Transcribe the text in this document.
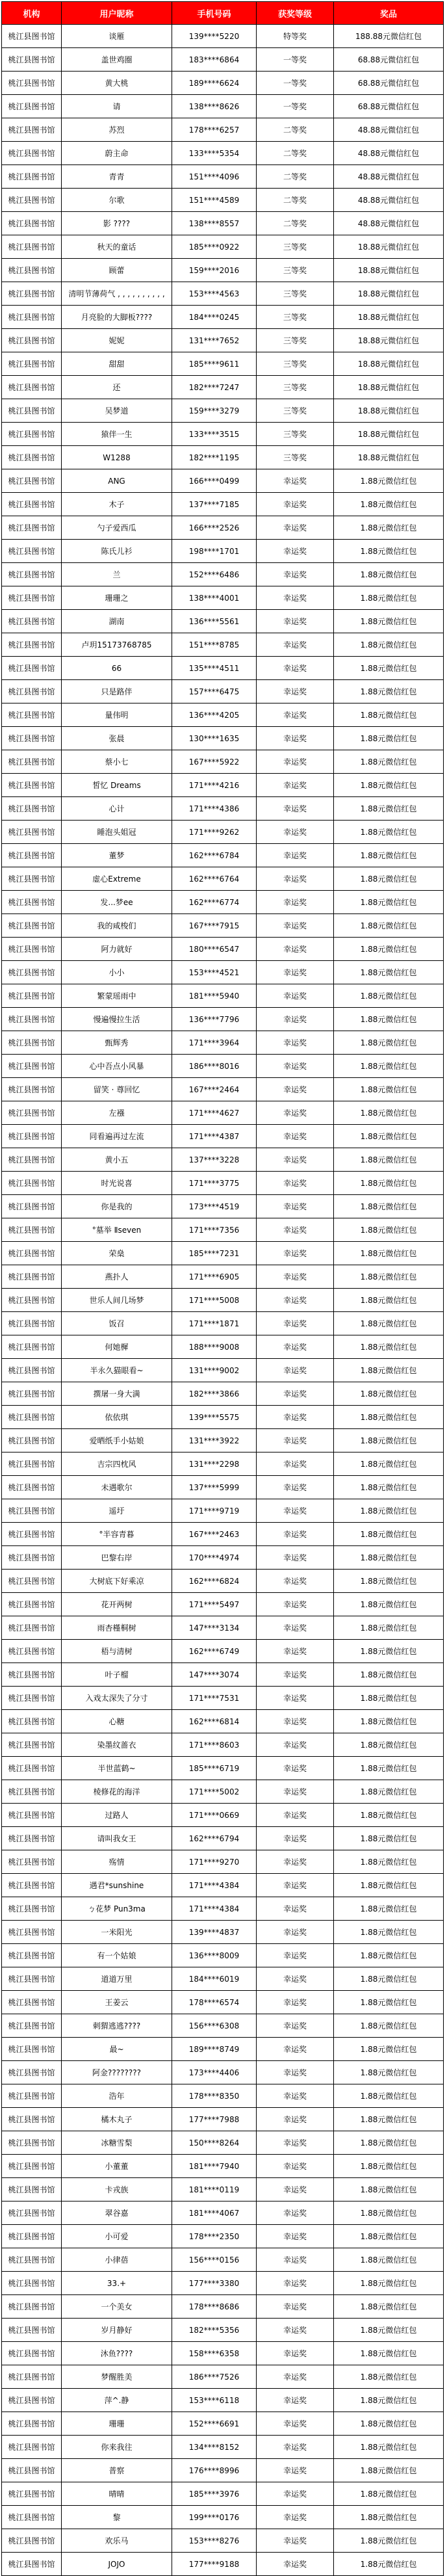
机构	用户昵称	手机号码	获奖等级	奖品
桃江县图书馆	谈雁	139****5220	特等奖	188.88元微信红包
桃江县图书馆	盖世鸡圈	183****6864	一等奖	68.88元微信红包
桃江县图书馆	黄大桃	189****6624	一等奖	68.88元微信红包
桃江县图书馆	请	138****8626	一等奖	68.88元微信红包
桃江县图书馆	苏烈	178****6257	二等奖	48.88元微信红包
桃江县图书馆	蔚主命	133****5354	二等奖	48.88元微信红包
桃江县图书馆	青青	151****4096	二等奖	48.88元微信红包
桃江县图书馆	尔歌	151****4589	二等奖	48.88元微信红包
桃江县图书馆	影 ????	138****8557	二等奖	48.88元微信红包
桃江县图书馆	秋天的童话	185****0922	三等奖	18.88元微信红包
桃江县图书馆	顾蕾	159****2016	三等奖	18.88元微信红包
桃江县图书馆	清明节薄荷气 , , , , , , , , , ,	153****4563	三等奖	18.88元微信红包
桃江县图书馆	月亮脸的大脚板????	184****0245	三等奖	18.88元微信红包
桃江县图书馆	妮妮	131****7652	三等奖	18.88元微信红包
桃江县图书馆	甜甜	185****9611	三等奖	18.88元微信红包
桃江县图书馆	还	182****7247	三等奖	18.88元微信红包
桃江县图书馆	吴梦道	159****3279	三等奖	18.88元微信红包
桃江县图书馆	猿伴一生	133****3515	三等奖	18.88元微信红包
桃江县图书馆	W1288	182****1195	三等奖	18.88元微信红包
桃江县图书馆	ANG	166****0499	幸运奖	1.88元微信红包
桃江县图书馆	木子	137****7185	幸运奖	1.88元微信红包
桃江县图书馆	勺子爱西瓜	166****2526	幸运奖	1.88元微信红包
桃江县图书馆	陈氏儿衫	198****1701	幸运奖	1.88元微信红包
桃江县图书馆	兰	152****6486	幸运奖	1.88元微信红包
桃江县图书馆	珊珊之	138****4001	幸运奖	1.88元微信红包
桃江县图书馆	湖南	136****5561	幸运奖	1.88元微信红包
桃江县图书馆	卢玥15173768785	151****8785	幸运奖	1.88元微信红包
桃江县图书馆	66	135****4511	幸运奖	1.88元微信红包
桃江县图书馆	只是路伴	157****6475	幸运奖	1.88元微信红包
桃江县图书馆	量伟明	136****4205	幸运奖	1.88元微信红包
桃江县图书馆	张晨	130****1635	幸运奖	1.88元微信红包
桃江县图书馆	蔡小七	167****5922	幸运奖	1.88元微信红包
桃江县图书馆	皙忆 Dreams	171****4216	幸运奖	1.88元微信红包
桃江县图书馆	心计	171****4386	幸运奖	1.88元微信红包
桃江县图书馆	睡泡头姐冠	171****9262	幸运奖	1.88元微信红包
桃江县图书馆	董梦	162****6784	幸运奖	1.88元微信红包
桃江县图书馆	虚心Extreme	162****6764	幸运奖	1.88元微信红包
桃江县图书馆	发...梦ee	162****6774	幸运奖	1.88元微信红包
桃江县图书馆	我的咸梭们	167****7915	幸运奖	1.88元微信红包
桃江县图书馆	阿力就好	180****6547	幸运奖	1.88元微信红包
桃江县图书馆	小小	153****4521	幸运奖	1.88元微信红包
桃江县图书馆	繁蒙瑶雨中	181****5940	幸运奖	1.88元微信红包
桃江县图书馆	慢遍慢拉生活	136****7796	幸运奖	1.88元微信红包
桃江县图书馆	甄辉秀	171****3964	幸运奖	1.88元微信红包
桃江县图书馆	心中吾点小风暴	186****8016	幸运奖	1.88元微信红包
桃江县图书馆	留笑 · 尊回忆	167****2464	幸运奖	1.88元微信红包
桃江县图书馆	左襁	171****4627	幸运奖	1.88元微信红包
桃江县图书馆	同看遍再过左流	171****4387	幸运奖	1.88元微信红包
桃江县图书馆	黄小五	137****3228	幸运奖	1.88元微信红包
桃江县图书馆	时光说喜	171****3775	幸运奖	1.88元微信红包
桃江县图书馆	你是我的	173****4519	幸运奖	1.88元微信红包
桃江县图书馆	°墓举 Ⅱseven	171****7356	幸运奖	1.88元微信红包
桃江县图书馆	荣燊	185****7231	幸运奖	1.88元微信红包
桃江县图书馆	燕扑人	171****6905	幸运奖	1.88元微信红包
桃江县图书馆	世乐人间几场梦	171****5008	幸运奖	1.88元微信红包
桃江县图书馆	饭召	171****1871	幸运奖	1.88元微信红包
桃江县图书馆	何她樨	188****9008	幸运奖	1.88元微信红包
桃江县图书馆	半永久猫眼看~	131****9002	幸运奖	1.88元微信红包
桃江县图书馆	撰屠一身大满	182****3866	幸运奖	1.88元微信红包
桃江县图书馆	依依琪	139****5575	幸运奖	1.88元微信红包
桃江县图书馆	爱晒纸手小姑娘	131****3922	幸运奖	1.88元微信红包
桃江县图书馆	吉宗四枕风	131****2298	幸运奖	1.88元微信红包
桃江县图书馆	未遇歌尔	137****5999	幸运奖	1.88元微信红包
桃江县图书馆	遥圩	171****9719	幸运奖	1.88元微信红包
桃江县图书馆	°半容青暮	167****2463	幸运奖	1.88元微信红包
桃江县图书馆	巴黎右岸	170****4974	幸运奖	1.88元微信红包
桃江县图书馆	大树底下好乘凉	162****6824	幸运奖	1.88元微信红包
桃江县图书馆	花开两树	171****5497	幸运奖	1.88元微信红包
桃江县图书馆	雨杏槿桐树	147****3134	幸运奖	1.88元微信红包
桃江县图书馆	梧与清树	162****6749	幸运奖	1.88元微信红包
桃江县图书馆	叶子榴	147****3074	幸运奖	1.88元微信红包
桃江县图书馆	入戏太深失了分寸	171****7531	幸运奖	1.88元微信红包
桃江县图书馆	心糖	162****6814	幸运奖	1.88元微信红包
桃江县图书馆	染墨纹蔷衣	171****8603	幸运奖	1.88元微信红包
桃江县图书馆	半世蓝鹤~	185****6719	幸运奖	1.88元微信红包
桃江县图书馆	棱修花的海洋	171****5002	幸运奖	1.88元微信红包
桃江县图书馆	过路人	171****0669	幸运奖	1.88元微信红包
桃江县图书馆	请叫我女王	162****6794	幸运奖	1.88元微信红包
桃江县图书馆	殇情	171****9270	幸运奖	1.88元微信红包
桃江县图书馆	遇君*sunshine	171****4384	幸运奖	1.88元微信红包
桃江县图书馆	ㄅ花梦 Pun3ma	171****4384	幸运奖	1.88元微信红包
桃江县图书馆	一米阳光	139****4837	幸运奖	1.88元微信红包
桃江县图书馆	有一个姑娘	136****8009	幸运奖	1.88元微信红包
桃江县图书馆	道道万里	184****6019	幸运奖	1.88元微信红包
桃江县图书馆	王姜云	178****6574	幸运奖	1.88元微信红包
桃江县图书馆	刺猬逃逃????	156****6308	幸运奖	1.88元微信红包
桃江县图书馆	最~	189****8749	幸运奖	1.88元微信红包
桃江县图书馆	阿金????????	173****4406	幸运奖	1.88元微信红包
桃江县图书馆	浩年	178****8350	幸运奖	1.88元微信红包
桃江县图书馆	橘木丸子	177****7988	幸运奖	1.88元微信红包
桃江县图书馆	冰糖雪梨	150****8264	幸运奖	1.88元微信红包
桃江县图书馆	小董董	181****7940	幸运奖	1.88元微信红包
桃江县图书馆	卡戎族	181****0119	幸运奖	1.88元微信红包
桃江县图书馆	翠谷嘉	181****4067	幸运奖	1.88元微信红包
桃江县图书馆	小可爱	178****2350	幸运奖	1.88元微信红包
桃江县图书馆	小律蓓	156****0156	幸运奖	1.88元微信红包
桃江县图书馆	33.+	177****3380	幸运奖	1.88元微信红包
桃江县图书馆	一个美女	178****8686	幸运奖	1.88元微信红包
桃江县图书馆	岁月静好	182****5356	幸运奖	1.88元微信红包
桃江县图书馆	沐鱼????	158****6358	幸运奖	1.88元微信红包
桃江县图书馆	梦醒胜美	186****7526	幸运奖	1.88元微信红包
桃江县图书馆	萍^.静	153****6118	幸运奖	1.88元微信红包
桃江县图书馆	珊珊	152****6691	幸运奖	1.88元微信红包
桃江县图书馆	你来我往	134****8152	幸运奖	1.88元微信红包
桃江县图书馆	普察	176****8996	幸运奖	1.88元微信红包
桃江县图书馆	晴晴	185****3976	幸运奖	1.88元微信红包
桃江县图书馆	黎	199****0176	幸运奖	1.88元微信红包
桃江县图书馆	欢乐马	153****8276	幸运奖	1.88元微信红包
桃江县图书馆	JOJO	177****9188	幸运奖	1.88元微信红包
